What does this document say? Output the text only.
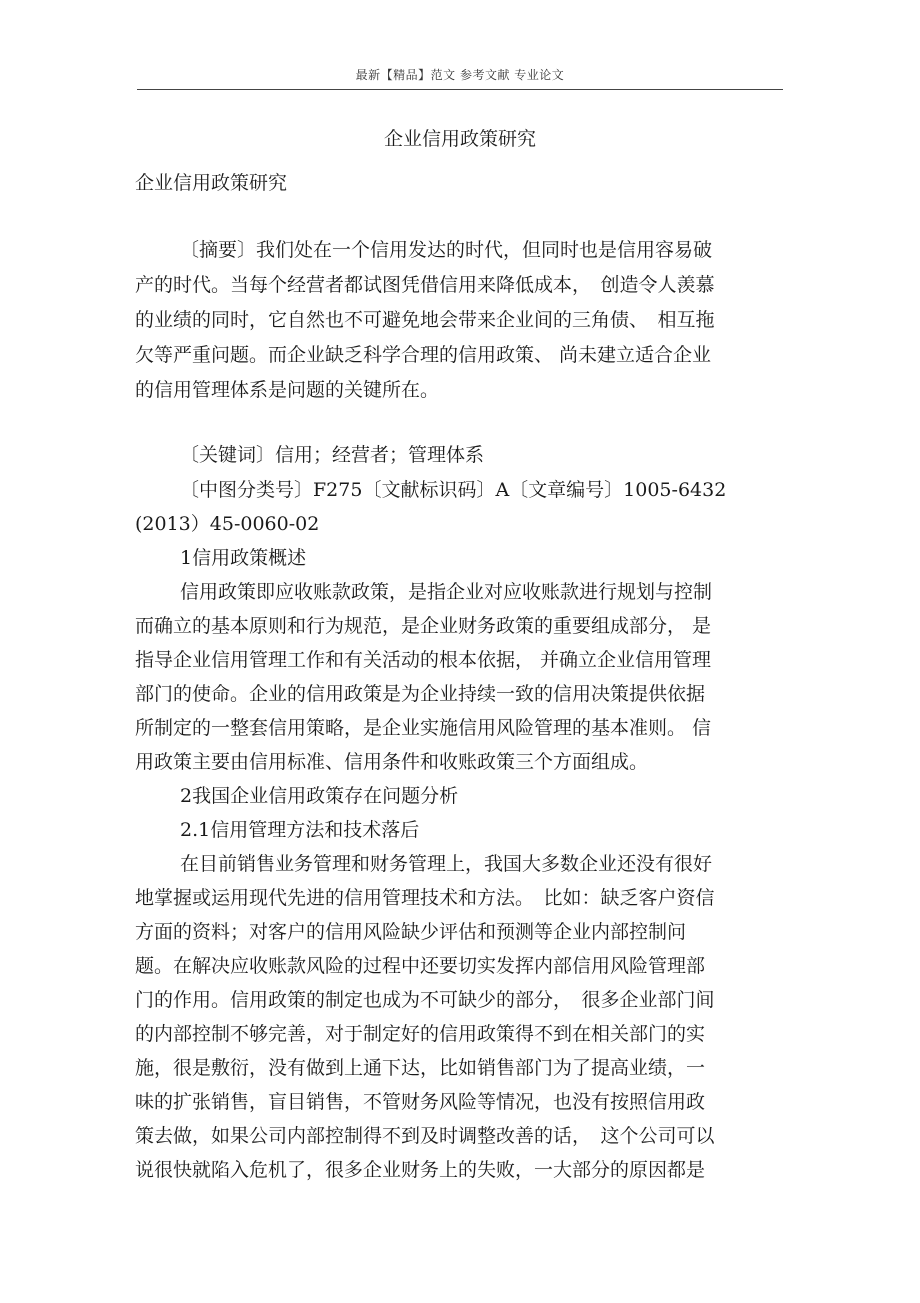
最新【精品】范文 参考文献 专业论文
企业信用政策研究
企业信用政策研究
〔摘要〕我们处在一个信用发达的时代，但同时也是信用容易破
产的时代。当每个经营者都试图凭借信用来降低成本，　创造令人羡慕
的业绩的同时，它自然也不可避免地会带来企业间的三角债、　相互拖
欠等严重问题。而企业缺乏科学合理的信用政策、 尚未建立适合企业
的信用管理体系是问题的关键所在。
〔关键词〕信用；经营者；管理体系
〔中图分类号〕F275〔文献标识码〕A〔文章编号〕1005-6432
(2013）45-0060-02
1信用政策概述
信用政策即应收账款政策，是指企业对应收账款进行规划与控制
而确立的基本原则和行为规范，是企业财务政策的重要组成部分， 是
指导企业信用管理工作和有关活动的根本依据， 并确立企业信用管理
部门的使命。企业的信用政策是为企业持续一致的信用决策提供依据
所制定的一整套信用策略，是企业实施信用风险管理的基本准则。 信
用政策主要由信用标准、信用条件和收账政策三个方面组成。
2我国企业信用政策存在问题分析
2.1信用管理方法和技术落后
在目前销售业务管理和财务管理上，我国大多数企业还没有很好
地掌握或运用现代先进的信用管理技术和方法。　比如：缺乏客户资信
方面的资料；对客户的信用风险缺少评估和预测等企业内部控制问
题。在解决应收账款风险的过程中还要切实发挥内部信用风险管理部
门的作用。信用政策的制定也成为不可缺少的部分，　很多企业部门间
的内部控制不够完善，对于制定好的信用政策得不到在相关部门的实
施，很是敷衍，没有做到上通下达，比如销售部门为了提高业绩，一
味的扩张销售，盲目销售，不管财务风险等情况，也没有按照信用政
策去做，如果公司内部控制得不到及时调整改善的话，　这个公司可以
说很快就陷入危机了，很多企业财务上的失败，一大部分的原因都是
